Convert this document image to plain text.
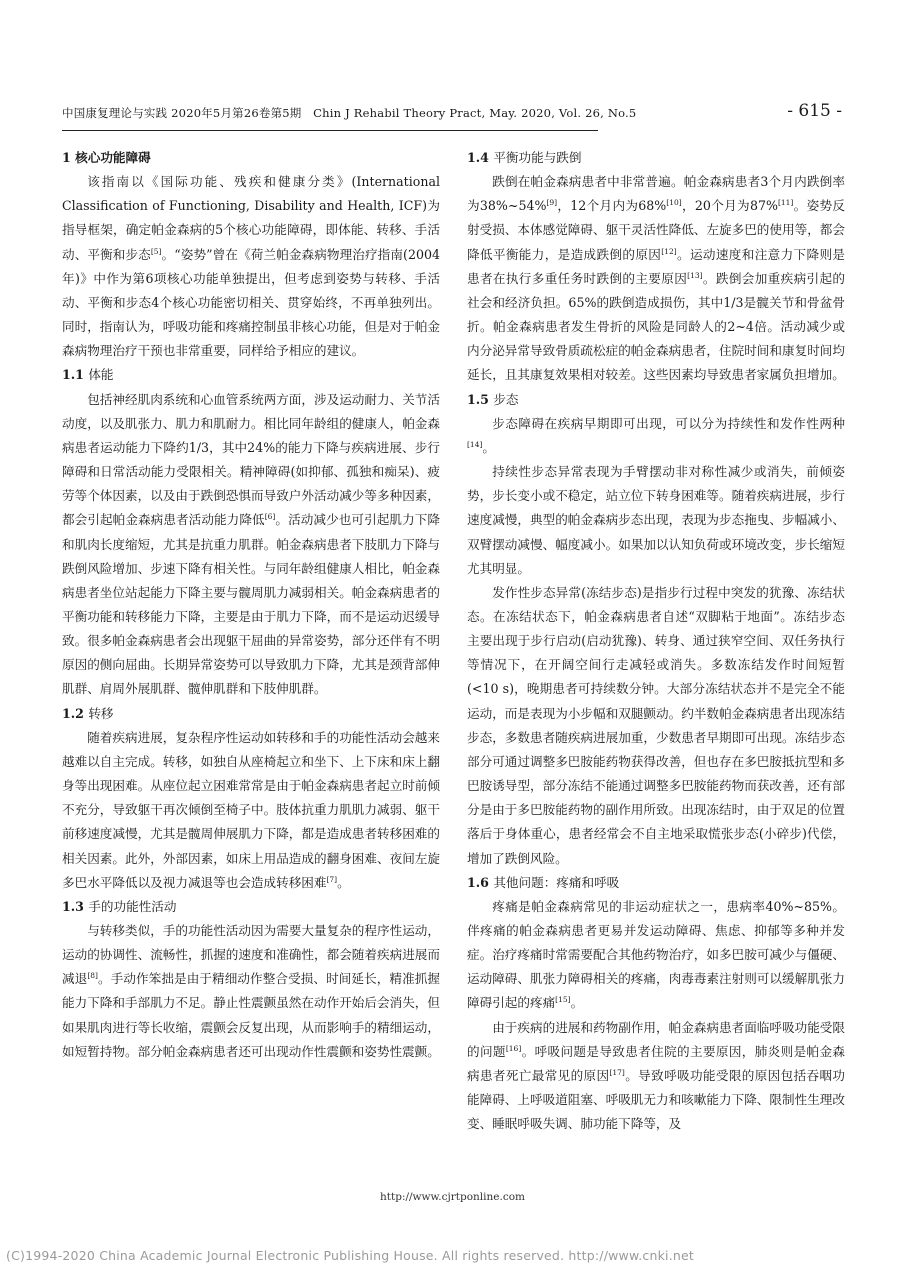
中国康复理论与实践 2020年5月第26卷第5期　Chin J Rehabil Theory Pract, May. 2020, Vol. 26, No.5	- 615 -
1 核心功能障碍

该指南以《国际功能、残疾和健康分类》(International Classification of Functioning, Disability and Health, ICF)为指导框架，确定帕金森病的5个核心功能障碍，即体能、转移、手活动、平衡和步态[5]。“姿势”曾在《荷兰帕金森病物理治疗指南(2004年)》中作为第6项核心功能单独提出，但考虑到姿势与转移、手活动、平衡和步态4个核心功能密切相关、贯穿始终，不再单独列出。同时，指南认为，呼吸功能和疼痛控制虽非核心功能，但是对于帕金森病物理治疗干预也非常重要，同样给予相应的建议。

1.1 体能

包括神经肌肉系统和心血管系统两方面，涉及运动耐力、关节活动度，以及肌张力、肌力和肌耐力。相比同年龄组的健康人，帕金森病患者运动能力下降约1/3，其中24%的能力下降与疾病进展、步行障碍和日常活动能力受限相关。精神障碍(如抑郁、孤独和痴呆)、疲劳等个体因素，以及由于跌倒恐惧而导致户外活动减少等多种因素，都会引起帕金森病患者活动能力降低[6]。活动减少也可引起肌力下降和肌肉长度缩短，尤其是抗重力肌群。帕金森病患者下肢肌力下降与跌倒风险增加、步速下降有相关性。与同年龄组健康人相比，帕金森病患者坐位站起能力下降主要与髋周肌力减弱相关。帕金森病患者的平衡功能和转移能力下降，主要是由于肌力下降，而不是运动迟缓导致。很多帕金森病患者会出现躯干屈曲的异常姿势，部分还伴有不明原因的侧向屈曲。长期异常姿势可以导致肌力下降，尤其是颈背部伸肌群、肩周外展肌群、髋伸肌群和下肢伸肌群。

1.2 转移

随着疾病进展，复杂程序性运动如转移和手的功能性活动会越来越难以自主完成。转移，如独自从座椅起立和坐下、上下床和床上翻身等出现困难。从座位起立困难常常是由于帕金森病患者起立时前倾不充分，导致躯干再次倾倒至椅子中。肢体抗重力肌肌力减弱、躯干前移速度减慢，尤其是髋周伸展肌力下降，都是造成患者转移困难的相关因素。此外，外部因素，如床上用品造成的翻身困难、夜间左旋多巴水平降低以及视力减退等也会造成转移困难[7]。

1.3 手的功能性活动

与转移类似，手的功能性活动因为需要大量复杂的程序性运动，运动的协调性、流畅性，抓握的速度和准确性，都会随着疾病进展而减退[8]。手动作笨拙是由于精细动作整合受损、时间延长，精准抓握能力下降和手部肌力不足。静止性震颤虽然在动作开始后会消失，但如果肌肉进行等长收缩，震颤会反复出现，从而影响手的精细运动，如短暂持物。部分帕金森病患者还可出现动作性震颤和姿势性震颤。

1.4 平衡功能与跌倒

跌倒在帕金森病患者中非常普遍。帕金森病患者3个月内跌倒率为38%~54%[9]，12个月内为68%[10]，20个月为87%[11]。姿势反射受损、本体感觉障碍、躯干灵活性降低、左旋多巴的使用等，都会降低平衡能力，是造成跌倒的原因[12]。运动速度和注意力下降则是患者在执行多重任务时跌倒的主要原因[13]。跌倒会加重疾病引起的社会和经济负担。65%的跌倒造成损伤，其中1/3是髋关节和骨盆骨折。帕金森病患者发生骨折的风险是同龄人的2~4倍。活动减少或内分泌异常导致骨质疏松症的帕金森病患者，住院时间和康复时间均延长，且其康复效果相对较差。这些因素均导致患者家属负担增加。

1.5 步态

步态障碍在疾病早期即可出现，可以分为持续性和发作性两种[14]。

持续性步态异常表现为手臂摆动非对称性减少或消失，前倾姿势，步长变小或不稳定，站立位下转身困难等。随着疾病进展，步行速度减慢，典型的帕金森病步态出现，表现为步态拖曳、步幅减小、双臂摆动减慢、幅度减小。如果加以认知负荷或环境改变，步长缩短尤其明显。

发作性步态异常(冻结步态)是指步行过程中突发的犹豫、冻结状态。在冻结状态下，帕金森病患者自述“双脚粘于地面”。冻结步态主要出现于步行启动(启动犹豫)、转身、通过狭窄空间、双任务执行等情况下，在开阔空间行走减轻或消失。多数冻结发作时间短暂(<10 s)，晚期患者可持续数分钟。大部分冻结状态并不是完全不能运动，而是表现为小步幅和双腿颤动。约半数帕金森病患者出现冻结步态，多数患者随疾病进展加重，少数患者早期即可出现。冻结步态部分可通过调整多巴胺能药物获得改善，但也存在多巴胺抵抗型和多巴胺诱导型，部分冻结不能通过调整多巴胺能药物而获改善，还有部分是由于多巴胺能药物的副作用所致。出现冻结时，由于双足的位置落后于身体重心，患者经常会不自主地采取慌张步态(小碎步)代偿，增加了跌倒风险。

1.6 其他问题：疼痛和呼吸

疼痛是帕金森病常见的非运动症状之一，患病率40%~85%。伴疼痛的帕金森病患者更易并发运动障碍、焦虑、抑郁等多种并发症。治疗疼痛时常需要配合其他药物治疗，如多巴胺可减少与僵硬、运动障碍、肌张力障碍相关的疼痛，肉毒毒素注射则可以缓解肌张力障碍引起的疼痛[15]。

由于疾病的进展和药物副作用，帕金森病患者面临呼吸功能受限的问题[16]。呼吸问题是导致患者住院的主要原因，肺炎则是帕金森病患者死亡最常见的原因[17]。导致呼吸功能受限的原因包括吞咽功能障碍、上呼吸道阻塞、呼吸肌无力和咳嗽能力下降、限制性生理改变、睡眠呼吸失调、肺功能下降等，及

http://www.cjrtponline.com
(C)1994-2020 China Academic Journal Electronic Publishing House. All rights reserved. http://www.cnki.net
